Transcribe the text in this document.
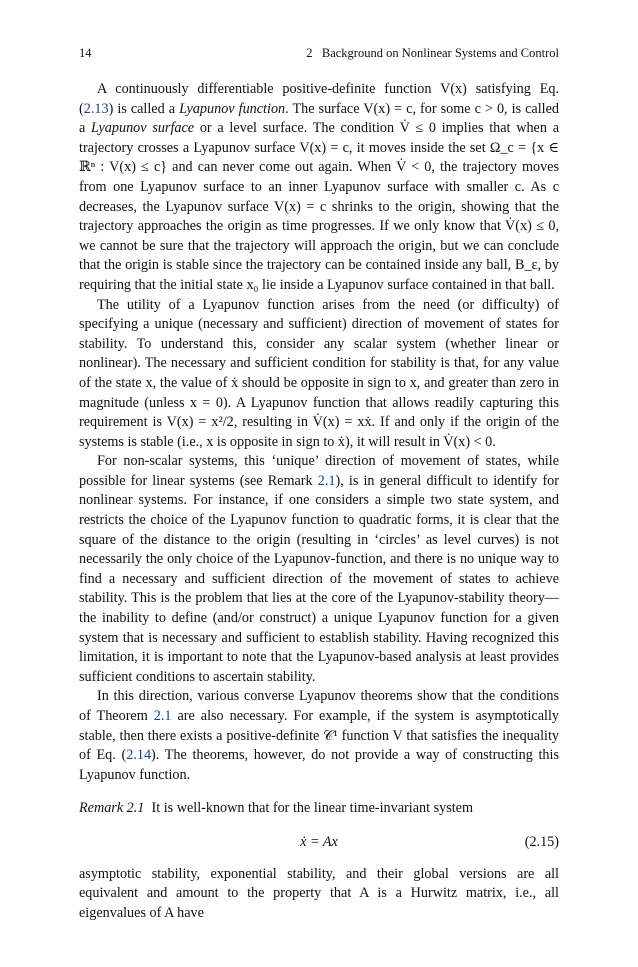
14	2   Background on Nonlinear Systems and Control

A continuously differentiable positive-definite function V(x) satisfying Eq. (2.13) is called a Lyapunov function. The surface V(x) = c, for some c > 0, is called a Lyapunov surface or a level surface. The condition V̇ ≤ 0 implies that when a trajectory crosses a Lyapunov surface V(x) = c, it moves inside the set Ω_c = {x ∈ ℝⁿ : V(x) ≤ c} and can never come out again. When V̇ < 0, the trajectory moves from one Lyapunov surface to an inner Lyapunov surface with smaller c. As c decreases, the Lyapunov surface V(x) = c shrinks to the origin, showing that the trajectory approaches the origin as time progresses. If we only know that V̇(x) ≤ 0, we cannot be sure that the trajectory will approach the origin, but we can conclude that the origin is stable since the trajectory can be contained inside any ball, B_ε, by requiring that the initial state x₀ lie inside a Lyapunov surface contained in that ball.

The utility of a Lyapunov function arises from the need (or difficulty) of specifying a unique (necessary and sufficient) direction of movement of states for stability. To understand this, consider any scalar system (whether linear or nonlinear). The necessary and sufficient condition for stability is that, for any value of the state x, the value of ẋ should be opposite in sign to x, and greater than zero in magnitude (unless x = 0). A Lyapunov function that allows readily capturing this requirement is V(x) = x²/2, resulting in V̇(x) = xẋ. If and only if the origin of the systems is stable (i.e., x is opposite in sign to ẋ), it will result in V̇(x) < 0.

For non-scalar systems, this ‘unique’ direction of movement of states, while possible for linear systems (see Remark 2.1), is in general difficult to identify for nonlinear systems. For instance, if one considers a simple two state system, and restricts the choice of the Lyapunov function to quadratic forms, it is clear that the square of the distance to the origin (resulting in ‘circles’ as level curves) is not necessarily the only choice of the Lyapunov-function, and there is no unique way to find a necessary and sufficient direction of the movement of states to achieve stability. This is the problem that lies at the core of the Lyapunov-stability theory—the inability to define (and/or construct) a unique Lyapunov function for a given system that is necessary and sufficient to establish stability. Having recognized this limitation, it is important to note that the Lyapunov-based analysis at least provides sufficient conditions to ascertain stability.

In this direction, various converse Lyapunov theorems show that the conditions of Theorem 2.1 are also necessary. For example, if the system is asymptotically stable, then there exists a positive-definite 𝒞¹ function V that satisfies the inequality of Eq. (2.14). The theorems, however, do not provide a way of constructing this Lyapunov function.

Remark 2.1 It is well-known that for the linear time-invariant system

ẋ = Ax	(2.15)

asymptotic stability, exponential stability, and their global versions are all equivalent and amount to the property that A is a Hurwitz matrix, i.e., all eigenvalues of A have
